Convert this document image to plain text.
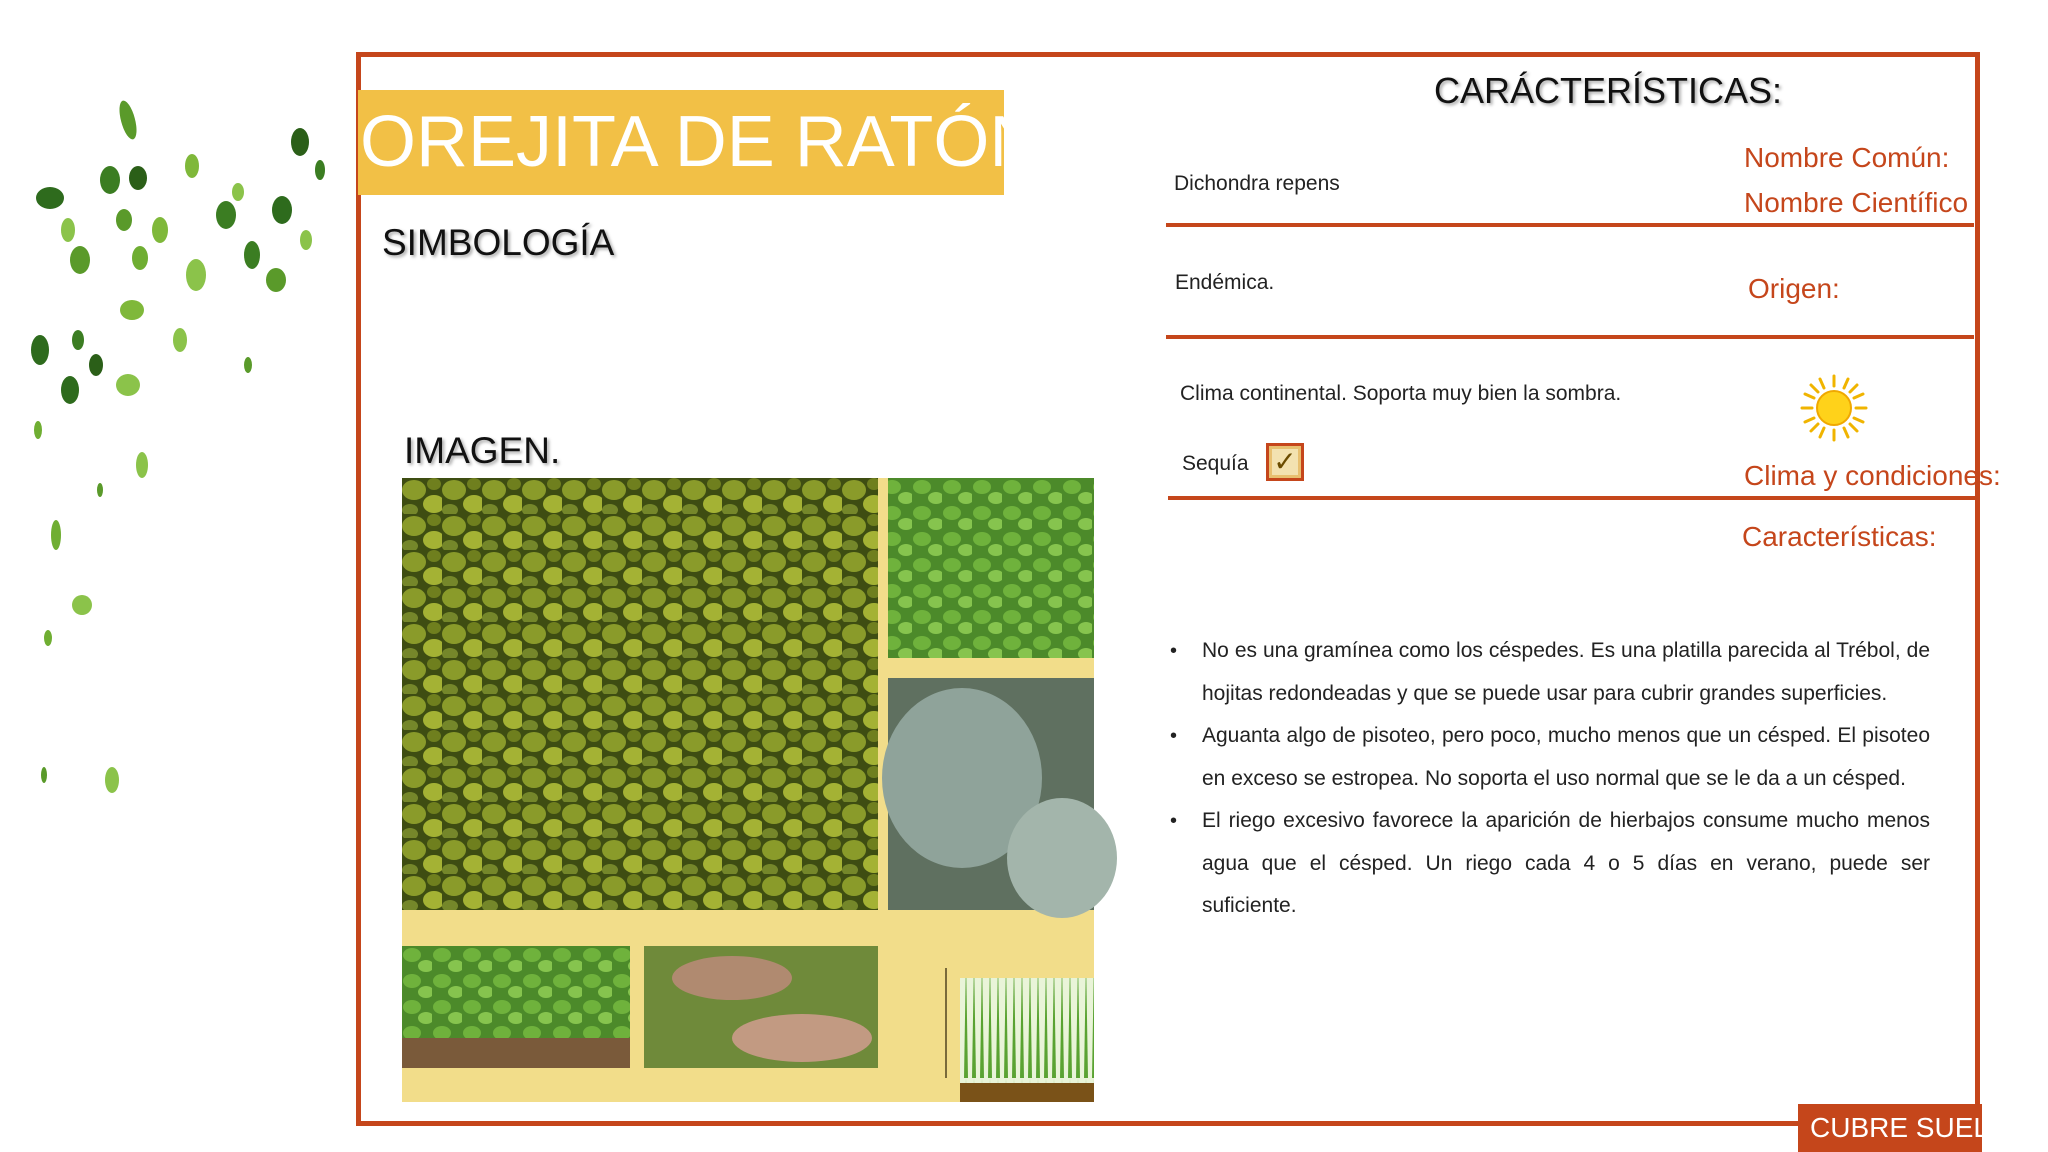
OREJITA DE RATÓN
SIMBOLOGÍA
IMAGEN.
CARÁCTERÍSTICAS:
Dichondra repens
Nombre Común:
Nombre Científico
Endémica.	Origen:
Clima continental. Soporta muy bien la sombra.
Sequía ✓	Clima y condiciones:
Características:
• No es una gramínea como los céspedes. Es una platilla parecida al Trébol, de hojitas redondeadas y que se puede usar para cubrir grandes superficies.
• Aguanta algo de pisoteo, pero poco, mucho menos que un césped. El pisoteo en exceso se estropea. No soporta el uso normal que se le da a un césped.
• El riego excesivo favorece la aparición de hierbajos consume mucho menos agua que el césped. Un riego cada 4 o 5 días en verano, puede ser suficiente.
CUBRE SUELO
